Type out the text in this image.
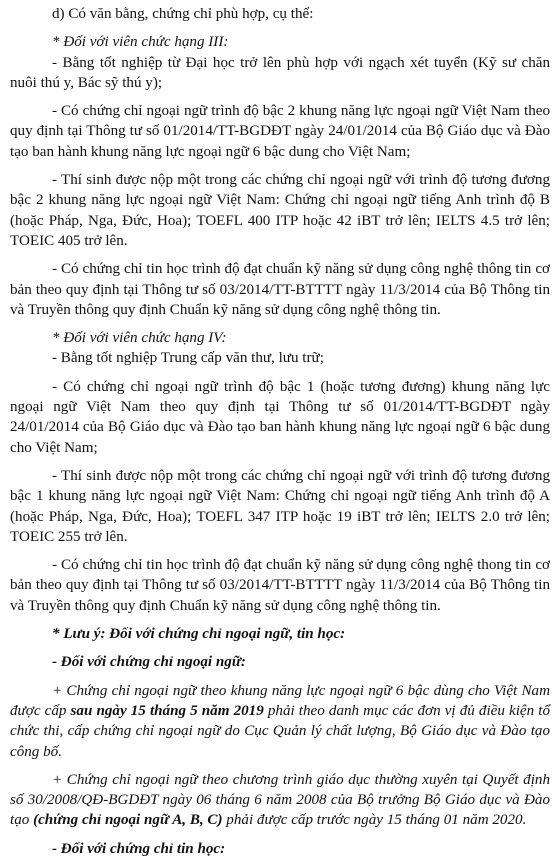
d) Có văn bằng, chứng chỉ phù hợp, cụ thể:

* Đối với viên chức hạng III:

- Bằng tốt nghiệp từ Đại học trở lên phù hợp với ngạch xét tuyển (Kỹ sư chăn nuôi thú y, Bác sỹ thú y);

- Có chứng chỉ ngoại ngữ trình độ bậc 2 khung năng lực ngoại ngữ Việt Nam theo quy định tại Thông tư số 01/2014/TT-BGDĐT ngày 24/01/2014 của Bộ Giáo dục và Đào tạo ban hành khung năng lực ngoại ngữ 6 bậc dung cho Việt Nam;

- Thí sinh được nộp một trong các chứng chỉ ngoại ngữ với trình độ tương đương bậc 2 khung năng lực ngoại ngữ Việt Nam: Chứng chỉ ngoại ngữ tiếng Anh trình độ B (hoặc Pháp, Nga, Đức, Hoa); TOEFL 400 ITP hoặc 42 iBT trở lên; IELTS 4.5 trở lên; TOEIC 405 trở lên.

- Có chứng chỉ tin học trình độ đạt chuẩn kỹ năng sử dụng công nghệ thông tin cơ bản theo quy định tại Thông tư số 03/2014/TT-BTTTT ngày 11/3/2014 của Bộ Thông tin và Truyền thông quy định Chuẩn kỹ năng sử dụng công nghệ thông tin.

* Đối với viên chức hạng IV:

- Bằng tốt nghiệp Trung cấp văn thư, lưu trữ;

- Có chứng chỉ ngoại ngữ trình độ bậc 1 (hoặc tương đương) khung năng lực ngoại ngữ Việt Nam theo quy định tại Thông tư số 01/2014/TT-BGDĐT ngày 24/01/2014 của Bộ Giáo dục và Đào tạo ban hành khung năng lực ngoại ngữ 6 bậc dung cho Việt Nam;

- Thí sinh được nộp một trong các chứng chỉ ngoại ngữ với trình độ tương đương bậc 1 khung năng lực ngoại ngữ Việt Nam: Chứng chỉ ngoại ngữ tiếng Anh trình độ A (hoặc Pháp, Nga, Đức, Hoa); TOEFL 347 ITP hoặc 19 iBT trở lên; IELTS 2.0 trở lên; TOEIC 255 trở lên.

- Có chứng chỉ tin học trình độ đạt chuẩn kỹ năng sử dụng công nghệ thong tin cơ bản theo quy định tại Thông tư số 03/2014/TT-BTTTT ngày 11/3/2014 của Bộ Thông tin và Truyền thông quy định Chuẩn kỹ năng sử dụng công nghệ thông tin.

* Lưu ý: Đối với chứng chỉ ngoại ngữ, tin học:

- Đối với chứng chỉ ngoại ngữ:

+ Chứng chỉ ngoại ngữ theo khung năng lực ngoại ngữ 6 bậc dùng cho Việt Nam được cấp sau ngày 15 tháng 5 năm 2019 phải theo danh mục các đơn vị đủ điều kiện tổ chức thi, cấp chứng chỉ ngoại ngữ do Cục Quản lý chất lượng, Bộ Giáo dục và Đào tạo công bố.

+ Chứng chỉ ngoại ngữ theo chương trình giáo dục thường xuyên tại Quyết định số 30/2008/QĐ-BGDĐT ngày 06 tháng 6 năm 2008 của Bộ trưởng Bộ Giáo dục và Đào tạo (chứng chỉ ngoại ngữ A, B, C) phải được cấp trước ngày 15 tháng 01 năm 2020.

- Đối với chứng chỉ tin học:
